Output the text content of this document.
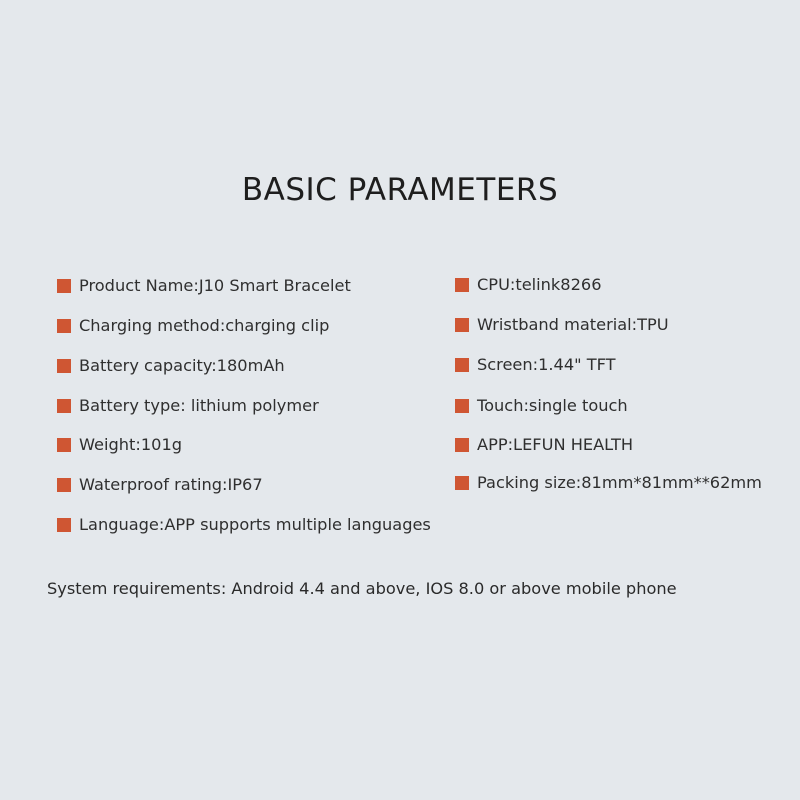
BASIC PARAMETERS
Product Name:J10 Smart Bracelet
Charging method:charging clip
Battery capacity:180mAh
Battery type: lithium polymer
Weight:101g
Waterproof rating:IP67
Language:APP supports multiple languages
CPU:telink8266
Wristband material:TPU
Screen:1.44" TFT
Touch:single touch
APP:LEFUN HEALTH
Packing size:81mm*81mm**62mm
System requirements: Android 4.4 and above, IOS 8.0 or above mobile phone
